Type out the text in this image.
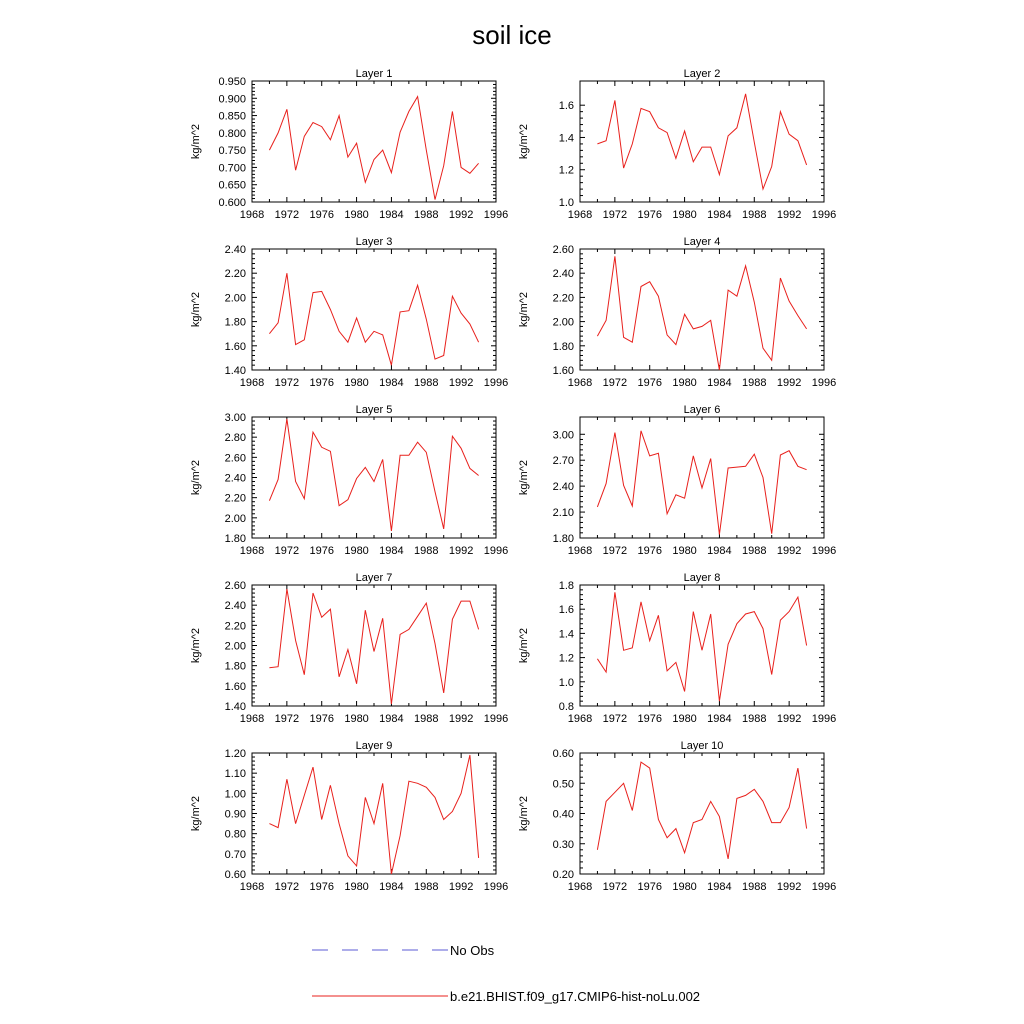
soil ice
Layer 1
kg/m^2
1968 1972 1976 1980 1984 1988 1992 1996
0.600
0.650
0.700
0.750
0.800
0.850
0.900
0.950
Layer 2
kg/m^2
1968 1972 1976 1980 1984 1988 1992 1996
1.0
1.2
1.4
1.6
Layer 3
kg/m^2
1968 1972 1976 1980 1984 1988 1992 1996
1.40
1.60
1.80
2.00
2.20
2.40
Layer 4
kg/m^2
1968 1972 1976 1980 1984 1988 1992 1996
1.60
1.80
2.00
2.20
2.40
2.60
Layer 5
kg/m^2
1968 1972 1976 1980 1984 1988 1992 1996
1.80
2.00
2.20
2.40
2.60
2.80
3.00
Layer 6
kg/m^2
1968 1972 1976 1980 1984 1988 1992 1996
1.80
2.10
2.40
2.70
3.00
Layer 7
kg/m^2
1968 1972 1976 1980 1984 1988 1992 1996
1.40
1.60
1.80
2.00
2.20
2.40
2.60
Layer 8
kg/m^2
1968 1972 1976 1980 1984 1988 1992 1996
0.8
1.0
1.2
1.4
1.6
1.8
Layer 9
kg/m^2
1968 1972 1976 1980 1984 1988 1992 1996
0.60
0.70
0.80
0.90
1.00
1.10
1.20
Layer 10
kg/m^2
1968 1972 1976 1980 1984 1988 1992 1996
0.20
0.30
0.40
0.50
0.60
No Obs
b.e21.BHIST.f09_g17.CMIP6-hist-noLu.002
